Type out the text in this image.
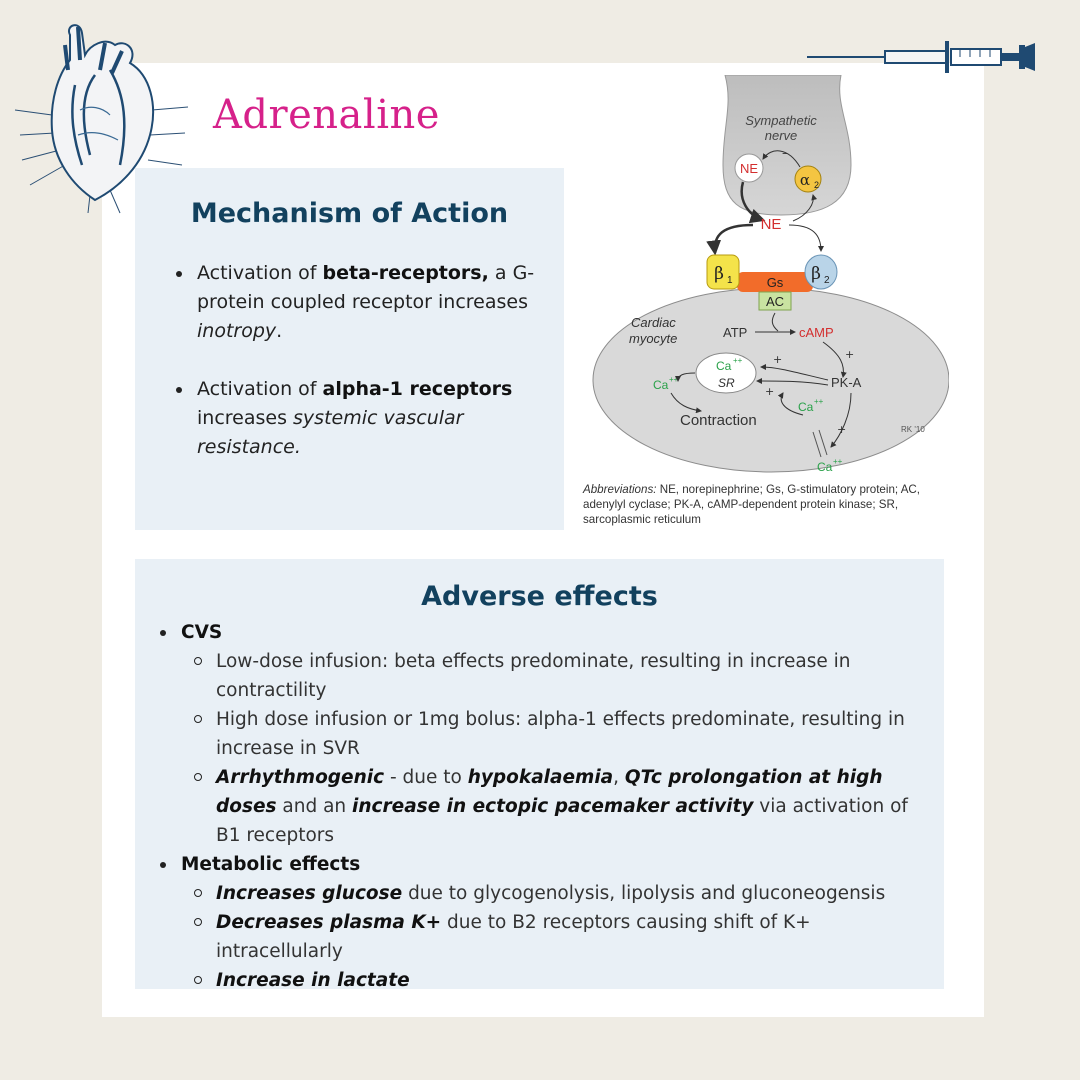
Adrenaline
Mechanism of Action
Activation of beta-receptors, a G-protein coupled receptor increases inotropy.
Activation of alpha-1 receptors increases systemic vascular resistance.
Sympathetic
nerve
NE
α 2
–
NE
Gs
AC
β 1	β 2
Cardiac
myocyte	ATP	cAMP
+
PK-A
Ca ++
SR
Ca ++
+
+
Ca ++
Contraction
+
Ca ++
RK '10

Abbreviations: NE, norepinephrine; Gs, G-stimulatory protein; AC, adenylyl cyclase; PK-A, cAMP-dependent protein kinase; SR, sarcoplasmic reticulum

Adverse effects
CVS
Low-dose infusion: beta effects predominate, resulting in increase in contractility
High dose infusion or 1mg bolus: alpha-1 effects predominate, resulting in increase in SVR
Arrhythmogenic - due to hypokalaemia, QTc prolongation at high doses and an increase in ectopic pacemaker activity via activation of B1 receptors
Metabolic effects
Increases glucose due to glycogenolysis, lipolysis and gluconeogensis
Decreases plasma K+ due to B2 receptors causing shift of K+ intracellularly
Increase in lactate
